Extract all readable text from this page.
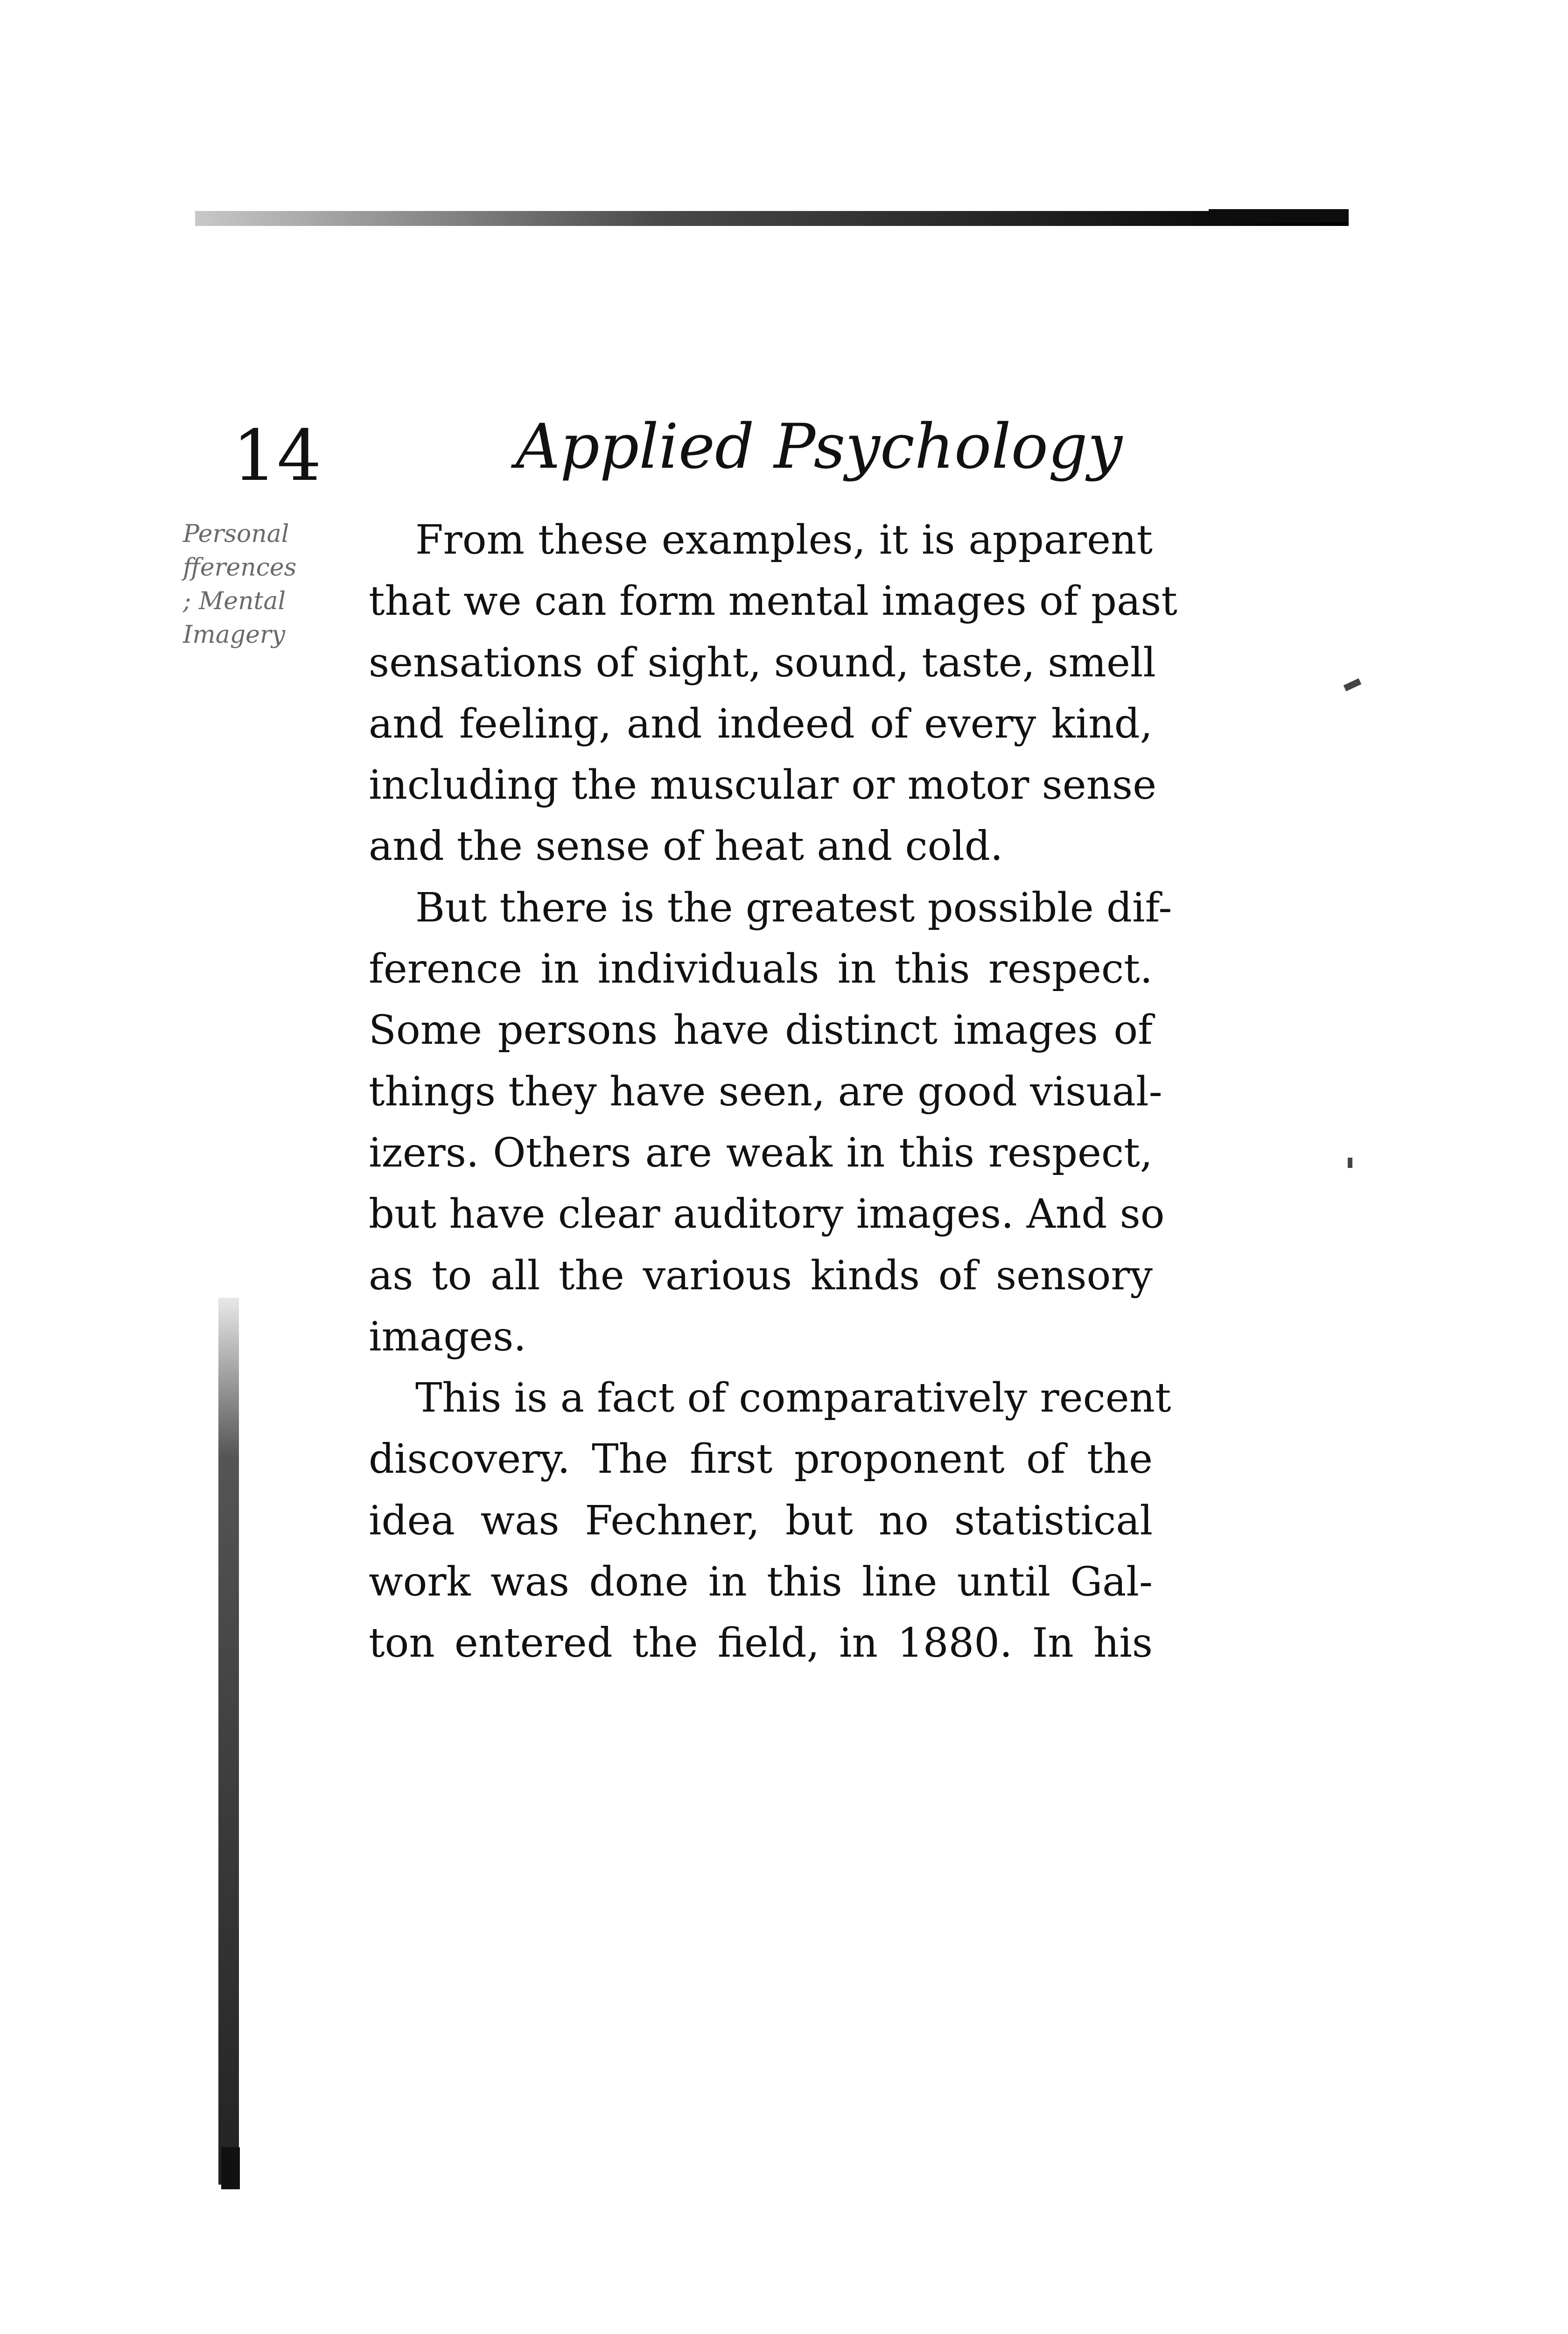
14	Applied Psychology
Personal
fferences
; Mental
Imagery
From these examples, it is apparent
that we can form mental images of past
sensations of sight, sound, taste, smell
and feeling, and indeed of every kind,
including the muscular or motor sense
and the sense of heat and cold.
But there is the greatest possible dif-
ference in individuals in this respect.
Some persons have distinct images of
things they have seen, are good visual-
izers. Others are weak in this respect,
but have clear auditory images. And so
as to all the various kinds of sensory
images.
This is a fact of comparatively recent
discovery. The first proponent of the
idea was Fechner, but no statistical
work was done in this line until Gal-
ton entered the field, in 1880. In his
